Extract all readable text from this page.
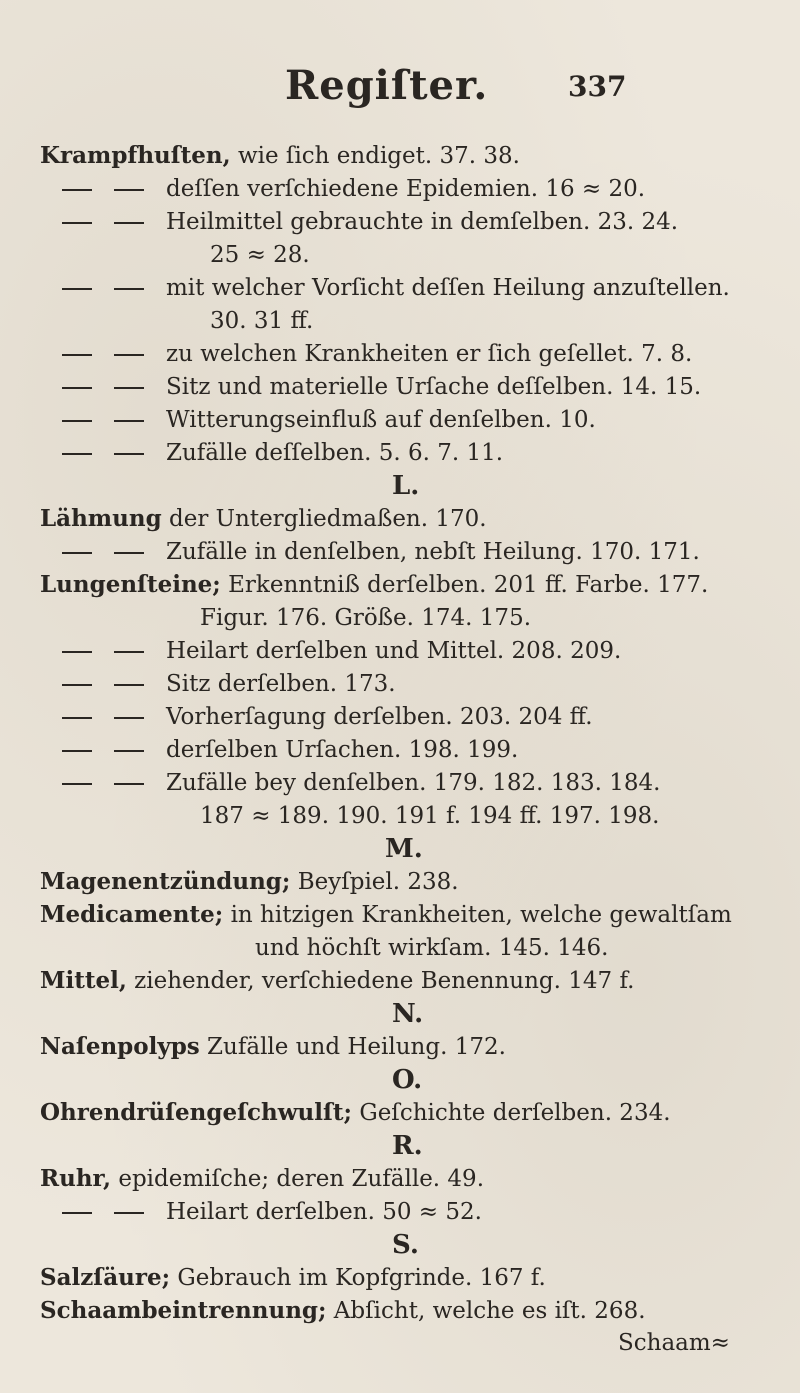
Regiſter.	337
Krampfhuſten, wie ſich endiget. 37. 38.
deſſen verſchiedene Epidemien. 16 ≈ 20.
Heilmittel gebrauchte in demſelben. 23. 24.
25 ≈ 28.
mit welcher Vorſicht deſſen Heilung anzuſtellen.
30. 31 ff.
zu welchen Krankheiten er ſich geſellet. 7. 8.
Sitz und materielle Urſache deſſelben. 14. 15.
Witterungseinfluß auf denſelben. 10.
Zufälle deſſelben. 5. 6. 7. 11.
L.
Lähmung der Untergliedmaßen. 170.
Zufälle in denſelben, nebſt Heilung. 170. 171.
Lungenſteine; Erkenntniß derſelben. 201 ff. Farbe. 177.
Figur. 176. Größe. 174. 175.
Heilart derſelben und Mittel. 208. 209.
Sitz derſelben. 173.
Vorherſagung derſelben. 203. 204 ff.
derſelben Urſachen. 198. 199.
Zufälle bey denſelben. 179. 182. 183. 184.
187 ≈ 189. 190. 191 f. 194 ff. 197. 198.
M.
Magenentzündung; Beyſpiel. 238.
Medicamente; in hitzigen Krankheiten, welche gewaltſam
und höchſt wirkſam. 145. 146.
Mittel, ziehender, verſchiedene Benennung. 147 f.
N.
Naſenpolyps Zufälle und Heilung. 172.
O.
Ohrendrüſengeſchwulſt; Geſchichte derſelben. 234.
R.
Ruhr, epidemiſche; deren Zufälle. 49.
Heilart derſelben. 50 ≈ 52.
S.
Salzſäure; Gebrauch im Kopfgrinde. 167 f.
Schaambeintrennung; Abſicht, welche es iſt. 268.
Schaam≈
